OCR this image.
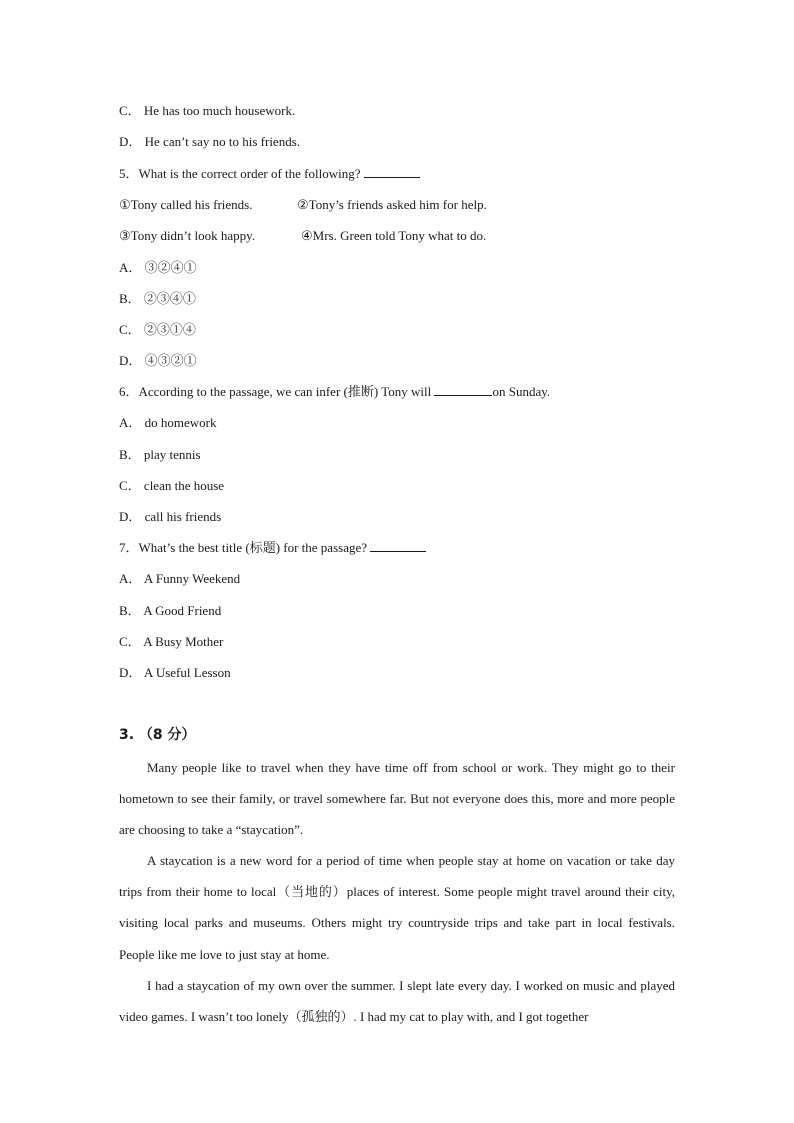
C． He has too much housework.
D． He can’t say no to his friends.
5．What is the correct order of the following?
①Tony called his friends.	②Tony’s friends asked him for help.
③Tony didn’t look happy.	④Mrs. Green told Tony what to do.
A． ③②④①
B． ②③④①
C． ②③①④
D． ④③②①
6．According to the passage, we can infer (推断) Tony will	on Sunday.
A． do homework
B． play tennis
C． clean the house
D． call his friends
7．What’s the best title (标题) for the passage?
A． A Funny Weekend
B． A Good Friend
C． A Busy Mother
D． A Useful Lesson
3. （8 分）
Many people like to travel when they have time off from school or work. They might go to their hometown to see their family, or travel somewhere far. But not everyone does this, more and more people are choosing to take a “staycation”.
A staycation is a new word for a period of time when people stay at home on vacation or take day trips from their home to local（当地的）places of interest. Some people might travel around their city, visiting local parks and museums. Others might try countryside trips and take part in local festivals. People like me love to just stay at home.
I had a staycation of my own over the summer. I slept late every day. I worked on music and played video games. I wasn’t too lonely（孤独的）. I had my cat to play with, and I got together
